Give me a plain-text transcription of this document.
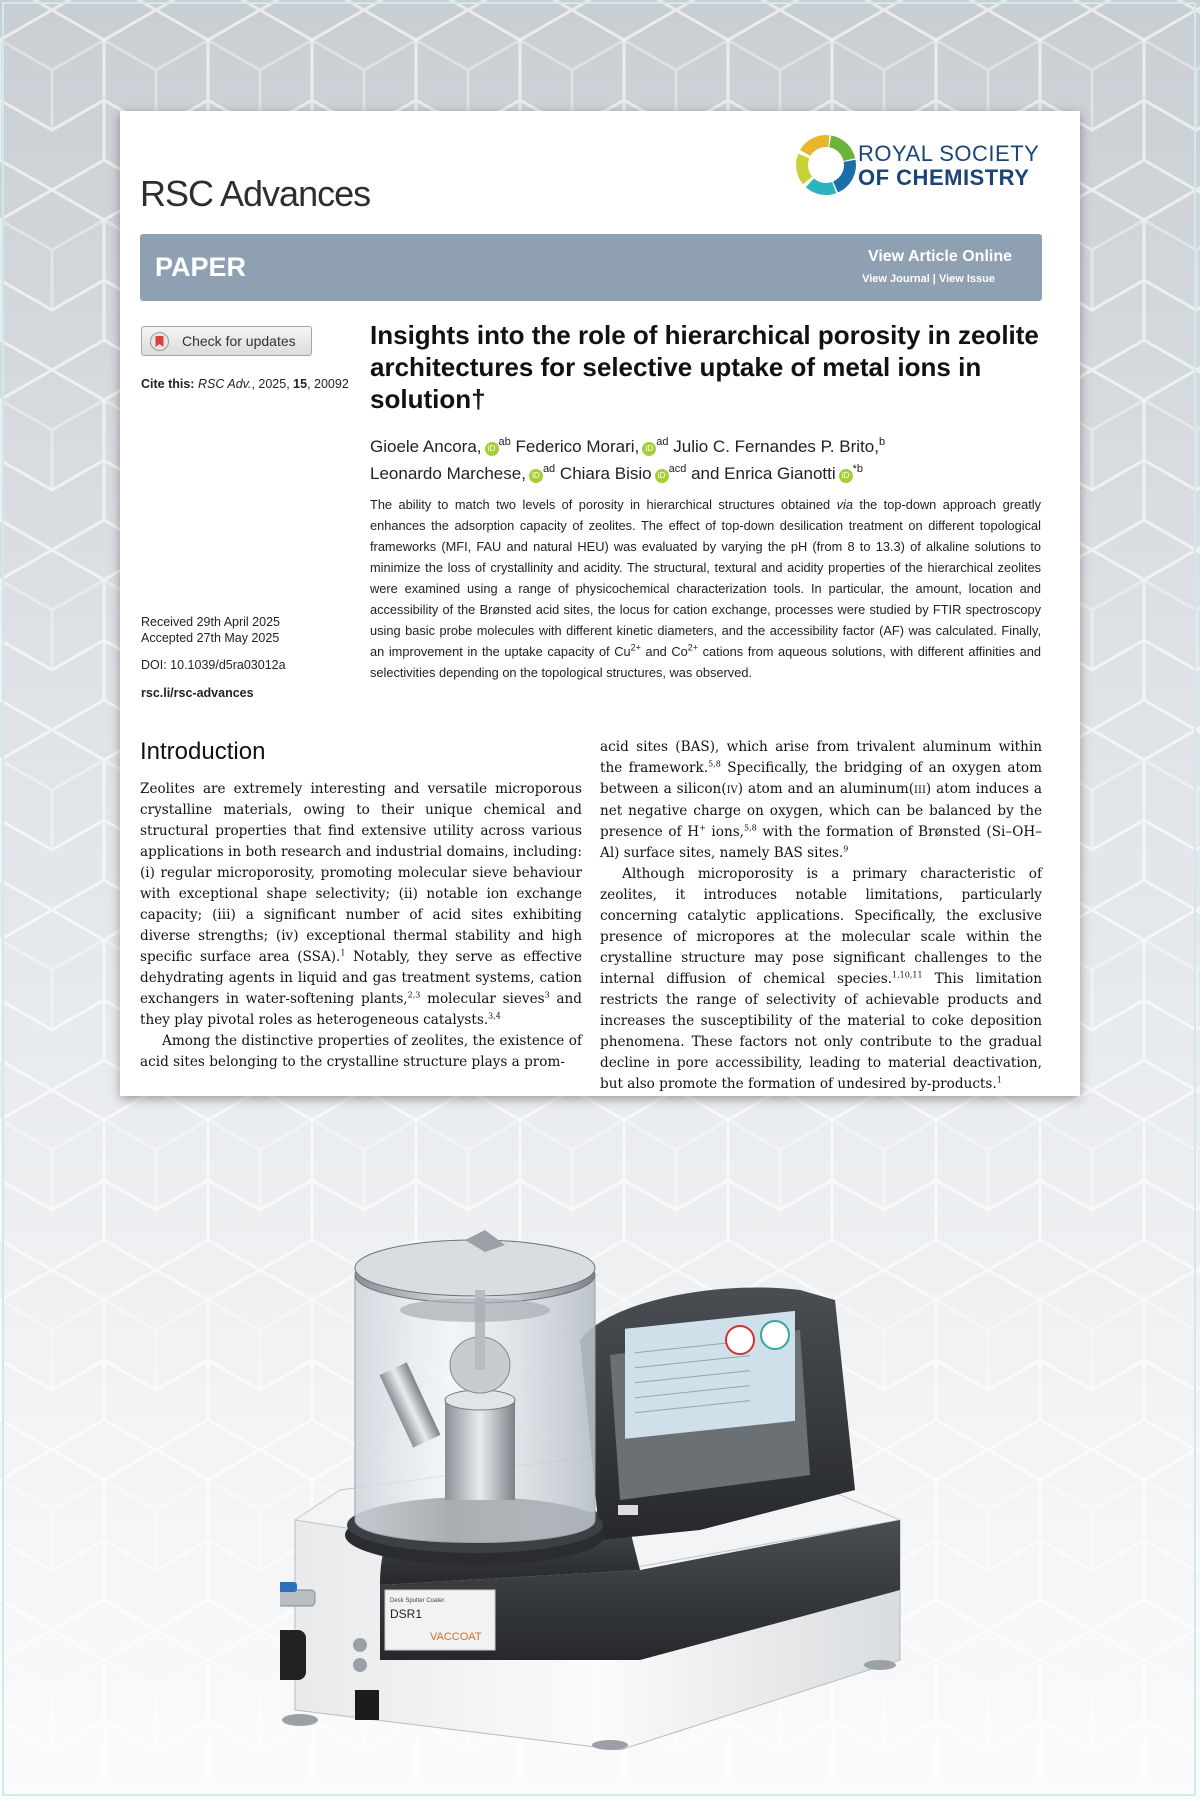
RSC Advances
ROYAL SOCIETY
OF CHEMISTRY
PAPER	View Article Online
View Journal | View Issue
Check for updates
Cite this: RSC Adv., 2025, 15, 20092
Received 29th April 2025
Accepted 27th May 2025
DOI: 10.1039/d5ra03012a
rsc.li/rsc-advances
Insights into the role of hierarchical porosity in zeolite architectures for selective uptake of metal ions in solution†
Gioele Ancora, iD$^{ab}$ Federico Morari, iD$^{ad}$ Julio C. Fernandes P. Brito,$^b$
Leonardo Marchese, iD$^{ad}$ Chiara Bisio iD$^{acd}$ and Enrica Gianotti iD$^{*b}$
The ability to match two levels of porosity in hierarchical structures obtained via the top-down approach greatly enhances the adsorption capacity of zeolites. The effect of top-down desilication treatment on different topological frameworks (MFI, FAU and natural HEU) was evaluated by varying the pH (from 8 to 13.3) of alkaline solutions to minimize the loss of crystallinity and acidity. The structural, textural and acidity properties of the hierarchical zeolites were examined using a range of physicochemical characterization tools. In particular, the amount, location and accessibility of the Brønsted acid sites, the locus for cation exchange, processes were studied by FTIR spectroscopy using basic probe molecules with different kinetic diameters, and the accessibility factor (AF) was calculated. Finally, an improvement in the uptake capacity of $Cu^{2+}$ and $Co^{2+}$ cations from aqueous solutions, with different affinities and selectivities depending on the topological structures, was observed.
Introduction

Zeolites are extremely interesting and versatile microporous crystalline materials, owing to their unique chemical and structural properties that find extensive utility across various applications in both research and industrial domains, including: (i) regular microporosity, promoting molecular sieve behaviour with exceptional shape selectivity; (ii) notable ion exchange capacity; (iii) a significant number of acid sites exhibiting diverse strengths; (iv) exceptional thermal stability and high specific surface area (SSA).$^1$ Notably, they serve as effective dehydrating agents in liquid and gas treatment systems, cation exchangers in water-softening plants,$^{2,3}$ molecular sieves$^3$ and they play pivotal roles as heterogeneous catalysts.$^{3,4}$

Among the distinctive properties of zeolites, the existence of acid sites belonging to the crystalline structure plays a prom-

acid sites (BAS), which arise from trivalent aluminum within the framework.$^{5,8}$ Specifically, the bridging of an oxygen atom between a silicon(IV) atom and an aluminum(III) atom induces a net negative charge on oxygen, which can be balanced by the presence of H+ ions,$^{5,8}$ with the formation of Brønsted (Si–OH–Al) surface sites, namely BAS sites.$^9$

Although microporosity is a primary characteristic of zeolites, it introduces notable limitations, particularly concerning catalytic applications. Specifically, the exclusive presence of micropores at the molecular scale within the crystalline structure may pose significant challenges to the internal diffusion of chemical species.$^{1,10,11}$ This limitation restricts the range of selectivity of achievable products and increases the susceptibility of the material to coke deposition phenomena. These factors not only contribute to the gradual decline in pore accessibility, leading to material deactivation, but also promote the formation of undesired by-products.$^1$

Desk Sputter Coater
DSR1
VACCOAT
